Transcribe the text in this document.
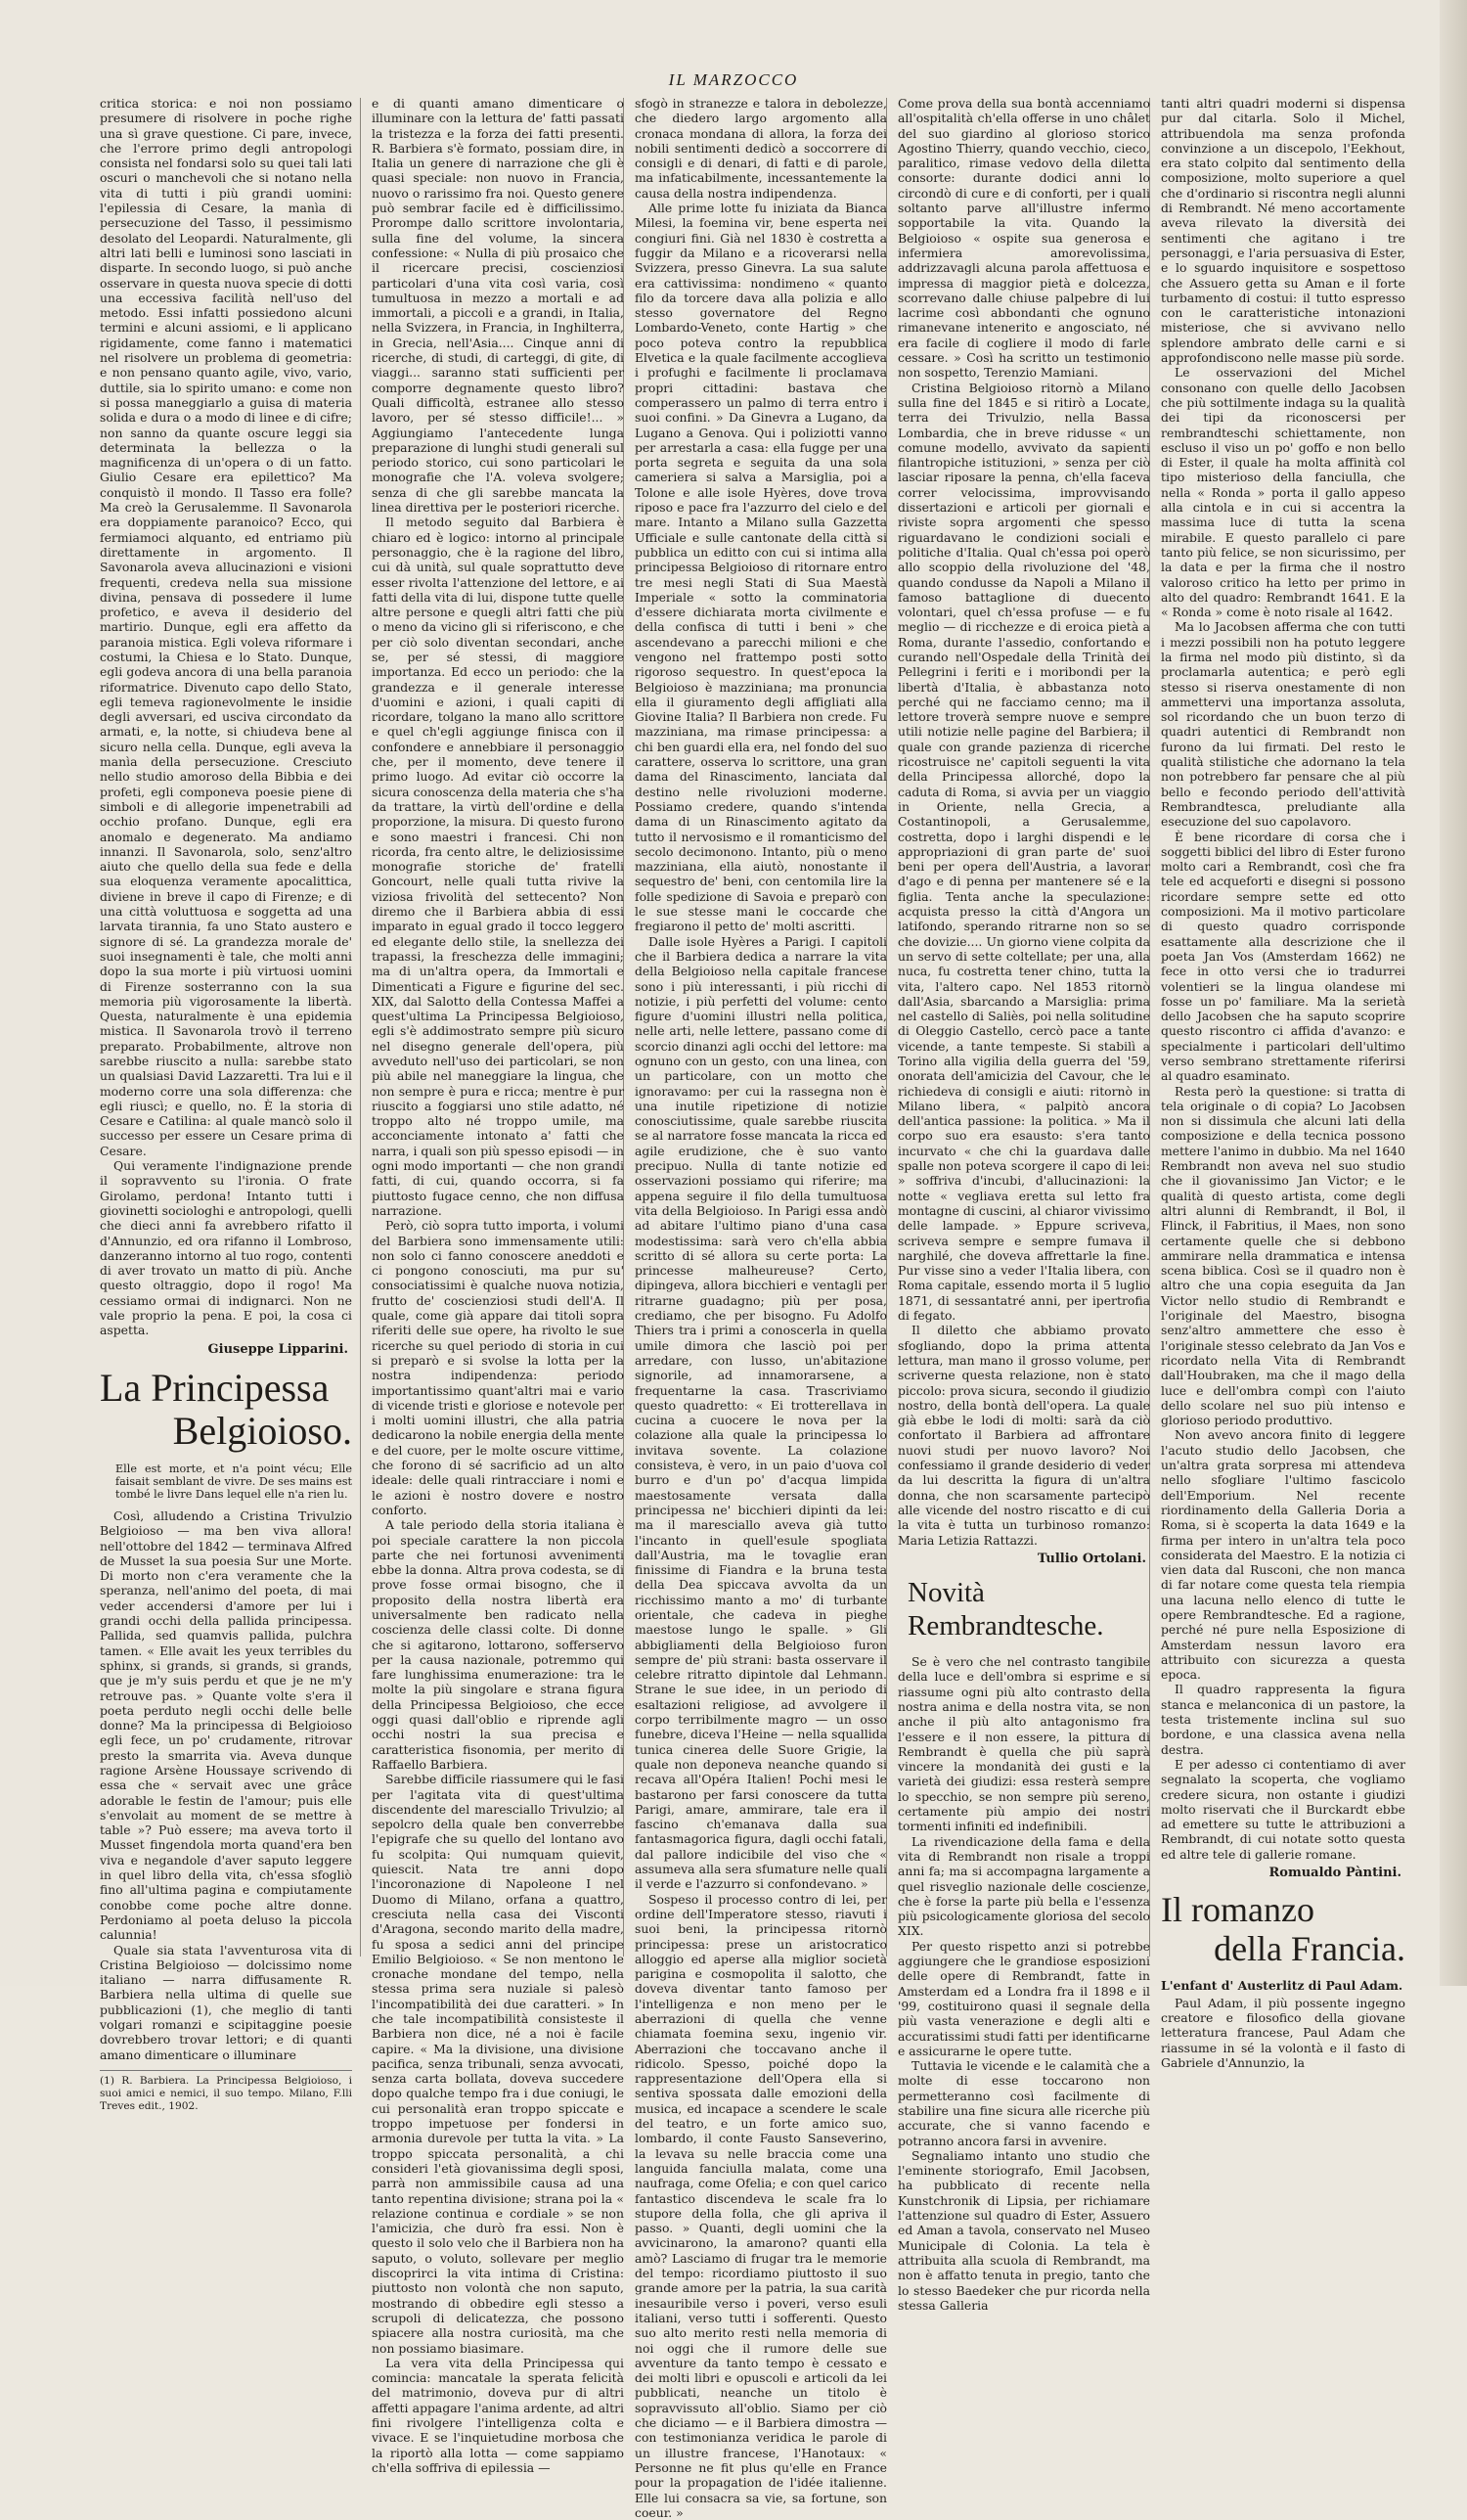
IL MARZOCCO

critica storica: e noi non possiamo presumere di risolvere in poche righe una sì grave questione. Ci pare, invece, che l'errore primo degli antropologi consista nel fondarsi solo su quei tali lati oscuri o manchevoli che si notano nella vita di tutti i più grandi uomini: l'epilessia di Cesare, la manìa di persecuzione del Tasso, il pessimismo desolato del Leopardi. Naturalmente, gli altri lati belli e luminosi sono lasciati in disparte. In secondo luogo, si può anche osservare in questa nuova specie di dotti una eccessiva facilità nell'uso del metodo. Essi infatti possiedono alcuni termini e alcuni assiomi, e li applicano rigidamente, come fanno i matematici nel risolvere un problema di geometria: e non pensano quanto agile, vivo, vario, duttile, sia lo spirito umano: e come non si possa maneggiarlo a guisa di materia solida e dura o a modo di linee e di cifre; non sanno da quante oscure leggi sia determinata la bellezza o la magnificenza di un'opera o di un fatto. Giulio Cesare era epilettico? Ma conquistò il mondo. Il Tasso era folle? Ma creò la Gerusalemme. Il Savonarola era doppiamente paranoico? Ecco, qui fermiamoci alquanto, ed entriamo più direttamente in argomento. Il Savonarola aveva allucinazioni e visioni frequenti, credeva nella sua missione divina, pensava di possedere il lume profetico, e aveva il desiderio del martirio. Dunque, egli era affetto da paranoia mistica. Egli voleva riformare i costumi, la Chiesa e lo Stato. Dunque, egli godeva ancora di una bella paranoia riformatrice. Divenuto capo dello Stato, egli temeva ragionevolmente le insidie degli avversari, ed usciva circondato da armati, e, la notte, si chiudeva bene al sicuro nella cella. Dunque, egli aveva la manìa della persecuzione. Cresciuto nello studio amoroso della Bibbia e dei profeti, egli componeva poesie piene di simboli e di allegorie impenetrabili ad occhio profano. Dunque, egli era anomalo e degenerato. Ma andiamo innanzi. Il Savonarola, solo, senz'altro aiuto che quello della sua fede e della sua eloquenza veramente apocalittica, diviene in breve il capo di Firenze; e di una città voluttuosa e soggetta ad una larvata tirannia, fa uno Stato austero e signore di sé. La grandezza morale de' suoi insegnamenti è tale, che molti anni dopo la sua morte i più virtuosi uomini di Firenze sosterranno con la sua memoria più vigorosamente la libertà. Questa, naturalmente è una epidemia mistica. Il Savonarola trovò il terreno preparato. Probabilmente, altrove non sarebbe riuscito a nulla: sarebbe stato un qualsiasi David Lazzaretti. Tra lui e il moderno corre una sola differenza: che egli riuscì; e quello, no. È la storia di Cesare e Catilina: al quale mancò solo il successo per essere un Cesare prima di Cesare.

Qui veramente l'indignazione prende il sopravvento su l'ironia. O frate Girolamo, perdona! Intanto tutti i giovinetti sociologhi e antropologi, quelli che dieci anni fa avrebbero rifatto il d'Annunzio, ed ora rifanno il Lombroso, danzeranno intorno al tuo rogo, contenti di aver trovato un matto di più. Anche questo oltraggio, dopo il rogo! Ma cessiamo ormai di indignarci. Non ne vale proprio la pena. E poi, la cosa ci aspetta.

Giuseppe Lipparini.
La Principessa
Belgioioso.
Elle est morte, et n'a point vécu; Elle faisait semblant de vivre. De ses mains est tombé le livre Dans lequel elle n'a rien lu.

Così, alludendo a Cristina Trivulzio Belgioioso — ma ben viva allora! nell'ottobre del 1842 — terminava Alfred de Musset la sua poesia Sur une Morte. Di morto non c'era veramente che la speranza, nell'animo del poeta, di mai veder accendersi d'amore per lui i grandi occhi della pallida principessa. Pallida, sed quamvis pallida, pulchra tamen. « Elle avait les yeux terribles du sphinx, si grands, si grands, si grands, que je m'y suis perdu et que je ne m'y retrouve pas. » Quante volte s'era il poeta perduto negli occhi delle belle donne? Ma la principessa di Belgioioso egli fece, un po' crudamente, ritrovar presto la smarrita via. Aveva dunque ragione Arsène Houssaye scrivendo di essa che « servait avec une grâce adorable le festin de l'amour; puis elle s'envolait au moment de se mettre à table »? Può essere; ma aveva torto il Musset fingendola morta quand'era ben viva e negandole d'aver saputo leggere in quel libro della vita, ch'essa sfogliò fino all'ultima pagina e compiutamente conobbe come poche altre donne. Perdoniamo al poeta deluso la piccola calunnia!

Quale sia stata l'avventurosa vita di Cristina Belgioioso — dolcissimo nome italiano — narra diffusamente R. Barbiera nella ultima di quelle sue pubblicazioni (1), che meglio di tanti volgari romanzi e scipitaggine poesie dovrebbero trovar lettori; e di quanti amano dimenticare o illuminare

(1) R. Barbiera. La Principessa Belgioioso, i suoi amici e nemici, il suo tempo. Milano, F.lli Treves edit., 1902.

e di quanti amano dimenticare o illuminare con la lettura de' fatti passati la tristezza e la forza dei fatti presenti. R. Barbiera s'è formato, possiam dire, in Italia un genere di narrazione che gli è quasi speciale: non nuovo in Francia, nuovo o rarissimo fra noi. Questo genere può sembrar facile ed è difficilissimo. Prorompe dallo scrittore involontaria, sulla fine del volume, la sincera confessione: « Nulla di più prosaico che il ricercare precisi, coscienziosi particolari d'una vita così varia, così tumultuosa in mezzo a mortali e ad immortali, a piccoli e a grandi, in Italia, nella Svizzera, in Francia, in Inghilterra, in Grecia, nell'Asia.... Cinque anni di ricerche, di studi, di carteggi, di gite, di viaggi... saranno stati sufficienti per comporre degnamente questo libro? Quali difficoltà, estranee allo stesso lavoro, per sé stesso difficile!... » Aggiungiamo l'antecedente lunga preparazione di lunghi studi generali sul periodo storico, cui sono particolari le monografie che l'A. voleva svolgere; senza di che gli sarebbe mancata la linea direttiva per le posteriori ricerche.

Il metodo seguito dal Barbiera è chiaro ed è logico: intorno al principale personaggio, che è la ragione del libro, cui dà unità, sul quale soprattutto deve esser rivolta l'attenzione del lettore, e ai fatti della vita di lui, dispone tutte quelle altre persone e quegli altri fatti che più o meno da vicino gli si riferiscono, e che per ciò solo diventan secondari, anche se, per sé stessi, di maggiore importanza. Ed ecco un periodo: che la grandezza e il generale interesse d'uomini e azioni, i quali capiti di ricordare, tolgano la mano allo scrittore e quel ch'egli aggiunge finisca con il confondere e annebbiare il personaggio che, per il momento, deve tenere il primo luogo. Ad evitar ciò occorre la sicura conoscenza della materia che s'ha da trattare, la virtù dell'ordine e della proporzione, la misura. Di questo furono e sono maestri i francesi. Chi non ricorda, fra cento altre, le deliziosissime monografie storiche de' fratelli Goncourt, nelle quali tutta rivive la viziosa frivolità del settecento? Non diremo che il Barbiera abbia di essi imparato in egual grado il tocco leggero ed elegante dello stile, la snellezza dei trapassi, la freschezza delle immagini; ma di un'altra opera, da Immortali e Dimenticati a Figure e figurine del sec. XIX, dal Salotto della Contessa Maffei a quest'ultima La Principessa Belgioioso, egli s'è addimostrato sempre più sicuro nel disegno generale dell'opera, più avveduto nell'uso dei particolari, se non più abile nel maneggiare la lingua, che non sempre è pura e ricca; mentre è pur riuscito a foggiarsi uno stile adatto, né troppo alto né troppo umile, ma acconciamente intonato a' fatti che narra, i quali son più spesso episodi — in ogni modo importanti — che non grandi fatti, di cui, quando occorra, si fa piuttosto fugace cenno, che non diffusa narrazione.

Però, ciò sopra tutto importa, i volumi del Barbiera sono immensamente utili: non solo ci fanno conoscere aneddoti e ci pongono conosciuti, ma pur su' consociatissimi è qualche nuova notizia, frutto de' coscienziosi studi dell'A. Il quale, come già appare dai titoli sopra riferiti delle sue opere, ha rivolto le sue ricerche su quel periodo di storia in cui si preparò e si svolse la lotta per la nostra indipendenza: periodo importantissimo quant'altri mai e vario di vicende tristi e gloriose e notevole per i molti uomini illustri, che alla patria dedicarono la nobile energia della mente e del cuore, per le molte oscure vittime, che forono di sé sacrificio ad un alto ideale: delle quali rintracciare i nomi e le azioni è nostro dovere e nostro conforto.

A tale periodo della storia italiana è poi speciale carattere la non piccola parte che nei fortunosi avvenimenti ebbe la donna. Altra prova codesta, se di prove fosse ormai bisogno, che il proposito della nostra libertà era universalmente ben radicato nella coscienza delle classi colte. Di donne che si agitarono, lottarono, sofferservo per la causa nazionale, potremmo qui fare lunghissima enumerazione: tra le molte la più singolare e strana figura della Principessa Belgioioso, che ecce oggi quasi dall'oblio e riprende agli occhi nostri la sua precisa e caratteristica fisonomia, per merito di Raffaello Barbiera.

Sarebbe difficile riassumere qui le fasi per l'agitata vita di quest'ultima discendente del maresciallo Trivulzio; al sepolcro della quale ben converrebbe l'epigrafe che su quello del lontano avo fu scolpita: Qui numquam quievit, quiescit. Nata tre anni dopo l'incoronazione di Napoleone I nel Duomo di Milano, orfana a quattro, cresciuta nella casa dei Visconti d'Aragona, secondo marito della madre, fu sposa a sedici anni del principe Emilio Belgioioso. « Se non mentono le cronache mondane del tempo, nella stessa prima sera nuziale si palesò l'incompatibilità dei due caratteri. » In che tale incompatibilità consisteste il Barbiera non dice, né a noi è facile capire. « Ma la divisione, una divisione pacifica, senza tribunali, senza avvocati, senza carta bollata, doveva succedere dopo qualche tempo fra i due coniugi, le cui personalità eran troppo spiccate e troppo impetuose per fondersi in armonia durevole per tutta la vita. » La troppo spiccata personalità, a chi consideri l'età giovanissima degli sposi, parrà non ammissibile causa ad una tanto repentina divisione; strana poi la « relazione continua e cordiale » se non l'amicizia, che durò fra essi. Non è questo il solo velo che il Barbiera non ha saputo, o voluto, sollevare per meglio discoprirci la vita intima di Cristina: piuttosto non volontà che non saputo, mostrando di obbedire egli stesso a scrupoli di delicatezza, che possono spiacere alla nostra curiosità, ma che non possiamo biasimare.

La vera vita della Principessa qui comincia: mancatale la sperata felicità del matrimonio, doveva pur di altri affetti appagare l'anima ardente, ad altri fini rivolgere l'intelligenza colta e vivace. E se l'inquietudine morbosa che la riportò alla lotta — come sappiamo ch'ella soffriva di epilessia —

sfogò in stranezze e talora in debolezze, che diedero largo argomento alla cronaca mondana di allora, la forza dei nobili sentimenti dedicò a soccorrere di consigli e di denari, di fatti e di parole, ma infaticabilmente, incessantemente la causa della nostra indipendenza.

Alle prime lotte fu iniziata da Bianca Milesi, la foemina vir, bene esperta nei congiuri fini. Già nel 1830 è costretta a fuggir da Milano e a ricoverarsi nella Svizzera, presso Ginevra. La sua salute era cattivissima: nondimeno « quanto filo da torcere dava alla polizia e allo stesso governatore del Regno Lombardo-Veneto, conte Hartig » che poco poteva contro la repubblica Elvetica e la quale facilmente accoglieva i profughi e facilmente li proclamava propri cittadini: bastava che comperassero un palmo di terra entro i suoi confini. » Da Ginevra a Lugano, da Lugano a Genova. Qui i poliziotti vanno per arrestarla a casa: ella fugge per una porta segreta e seguita da una sola cameriera si salva a Marsiglia, poi a Tolone e alle isole Hyères, dove trova riposo e pace fra l'azzurro del cielo e del mare. Intanto a Milano sulla Gazzetta Ufficiale e sulle cantonate della città si pubblica un editto con cui si intima alla principessa Belgioioso di ritornare entro tre mesi negli Stati di Sua Maestà Imperiale « sotto la comminatoria d'essere dichiarata morta civilmente e della confisca di tutti i beni » che ascendevano a parecchi milioni e che vengono nel frattempo posti sotto rigoroso sequestro. In quest'epoca la Belgioioso è mazziniana; ma pronuncia ella il giuramento degli affigliati alla Giovine Italia? Il Barbiera non crede. Fu mazziniana, ma rimase principessa: a chi ben guardi ella era, nel fondo del suo carattere, osserva lo scrittore, una gran dama del Rinascimento, lanciata dal destino nelle rivoluzioni moderne. Possiamo credere, quando s'intenda dama di un Rinascimento agitato da tutto il nervosismo e il romanticismo del secolo decimonono. Intanto, più o meno mazziniana, ella aiutò, nonostante il sequestro de' beni, con centomila lire la folle spedizione di Savoia e preparò con le sue stesse mani le coccarde che fregiarono il petto de' molti ascritti.

Dalle isole Hyères a Parigi. I capitoli che il Barbiera dedica a narrare la vita della Belgioioso nella capitale francese sono i più interessanti, i più ricchi di notizie, i più perfetti del volume: cento figure d'uomini illustri nella politica, nelle arti, nelle lettere, passano come di scorcio dinanzi agli occhi del lettore: ma ognuno con un gesto, con una linea, con un particolare, con un motto che ignoravamo: per cui la rassegna non è una inutile ripetizione di notizie conosciutissime, quale sarebbe riuscita se al narratore fosse mancata la ricca ed agile erudizione, che è suo vanto precipuo. Nulla di tante notizie ed osservazioni possiamo qui riferire; ma appena seguire il filo della tumultuosa vita della Belgioioso. In Parigi essa andò ad abitare l'ultimo piano d'una casa modestissima: sarà vero ch'ella abbia scritto di sé allora su certe porta: La princesse malheureuse? Certo, dipingeva, allora bicchieri e ventagli per ritrarne guadagno; più per posa, crediamo, che per bisogno. Fu Adolfo Thiers tra i primi a conoscerla in quella umile dimora che lasciò poi per arredare, con lusso, un'abitazione signorile, ad innamorarsene, a frequentarne la casa. Trascriviamo questo quadretto: « Ei trotterellava in cucina a cuocere le nova per la colazione alla quale la principessa lo invitava sovente. La colazione consisteva, è vero, in un paio d'uova col burro e d'un po' d'acqua limpida maestosamente versata dalla principessa ne' bicchieri dipinti da lei: ma il maresciallo aveva già tutto l'incanto in quell'esule spogliata dall'Austria, ma le tovaglie eran finissime di Fiandra e la bruna testa della Dea spiccava avvolta da un ricchissimo manto a mo' di turbante orientale, che cadeva in pieghe maestose lungo le spalle. » Gli abbigliamenti della Belgioioso furon sempre de' più strani: basta osservare il celebre ritratto dipintole dal Lehmann. Strane le sue idee, in un periodo di esaltazioni religiose, ad avvolgere il corpo terribilmente magro — un osso funebre, diceva l'Heine — nella squallida tunica cinerea delle Suore Grigie, la quale non deponeva neanche quando si recava all'Opéra Italien! Pochi mesi le bastarono per farsi conoscere da tutta Parigi, amare, ammirare, tale era il fascino ch'emanava dalla sua fantasmagorica figura, dagli occhi fatali, dal pallore indicibile del viso che « assumeva alla sera sfumature nelle quali il verde e l'azzurro si confondevano. »

Sospeso il processo contro di lei, per ordine dell'Imperatore stesso, riavuti i suoi beni, la principessa ritornò principessa: prese un aristocratico alloggio ed aperse alla miglior società parigina e cosmopolita il salotto, che doveva diventar tanto famoso per l'intelligenza e non meno per le aberrazioni di quella che venne chiamata foemina sexu, ingenio vir. Aberrazioni che toccavano anche il ridicolo. Spesso, poiché dopo la rappresentazione dell'Opera ella si sentiva spossata dalle emozioni della musica, ed incapace a scendere le scale del teatro, e un forte amico suo, lombardo, il conte Fausto Sanseverino, la levava su nelle braccia come una languida fanciulla malata, come una naufraga, come Ofelia; e con quel carico fantastico discendeva le scale fra lo stupore della folla, che gli apriva il passo. » Quanti, degli uomini che la avvicinarono, la amarono? quanti ella amò? Lasciamo di frugar tra le memorie del tempo: ricordiamo piuttosto il suo grande amore per la patria, la sua carità inesauribile verso i poveri, verso esuli italiani, verso tutti i sofferenti. Questo suo alto merito resti nella memoria di noi oggi che il rumore delle sue avventure da tanto tempo è cessato e dei molti libri e opuscoli e articoli da lei pubblicati, neanche un titolo è sopravvissuto all'oblio. Siamo per ciò che diciamo — e il Barbiera dimostra — con testimonianza veridica le parole di un illustre francese, l'Hanotaux: « Personne ne fit plus qu'elle en France pour la propagation de l'idée italienne. Elle lui consacra sa vie, sa fortune, son coeur. »

Come prova della sua bontà accenniamo all'ospitalità ch'ella offerse in uno châlet del suo giardino al glorioso storico Agostino Thierry, quando vecchio, cieco, paralitico, rimase vedovo della diletta consorte: durante dodici anni lo circondò di cure e di conforti, per i quali soltanto parve all'illustre infermo sopportabile la vita. Quando la Belgioioso « ospite sua generosa e infermiera amorevolissima, addrizzavagli alcuna parola affettuosa e impressa di maggior pietà e dolcezza, scorrevano dalle chiuse palpebre di lui lacrime così abbondanti che ognuno rimanevane intenerito e angosciato, né era facile di cogliere il modo di farle cessare. » Così ha scritto un testimonio non sospetto, Terenzio Mamiani.

Cristina Belgioioso ritornò a Milano sulla fine del 1845 e si ritirò a Locate, terra dei Trivulzio, nella Bassa Lombardia, che in breve ridusse « un comune modello, avvivato da sapienti filantropiche istituzioni, » senza per ciò lasciar riposare la penna, ch'ella faceva correr velocissima, improvvisando dissertazioni e articoli per giornali e riviste sopra argomenti che spesso riguardavano le condizioni sociali e politiche d'Italia. Qual ch'essa poi operò allo scoppio della rivoluzione del '48, quando condusse da Napoli a Milano il famoso battaglione di duecento volontari, quel ch'essa profuse — e fu meglio — di ricchezze e di eroica pietà a Roma, durante l'assedio, confortando e curando nell'Ospedale della Trinità dei Pellegrini i feriti e i moribondi per la libertà d'Italia, è abbastanza noto perché qui ne facciamo cenno; ma il lettore troverà sempre nuove e sempre utili notizie nelle pagine del Barbiera; il quale con grande pazienza di ricerche ricostruisce ne' capitoli seguenti la vita della Principessa allorché, dopo la caduta di Roma, si avvia per un viaggio in Oriente, nella Grecia, a Costantinopoli, a Gerusalemme, costretta, dopo i larghi dispendi e le appropriazioni di gran parte de' suoi beni per opera dell'Austria, a lavorar d'ago e di penna per mantenere sé e la figlia. Tenta anche la speculazione: acquista presso la città d'Angora un latifondo, sperando ritrarne non so se che dovizie.... Un giorno viene colpita da un servo di sette coltellate; per una, alla nuca, fu costretta tener chino, tutta la vita, l'altero capo. Nel 1853 ritornò dall'Asia, sbarcando a Marsiglia: prima nel castello di Saliès, poi nella solitudine di Oleggio Castello, cercò pace a tante vicende, a tante tempeste. Si stabilì a Torino alla vigilia della guerra del '59, onorata dell'amicizia del Cavour, che le richiedeva di consigli e aiuti: ritornò in Milano libera, « palpitò ancora dell'antica passione: la politica. » Ma il corpo suo era esausto: s'era tanto incurvato « che chi la guardava dalle spalle non poteva scorgere il capo di lei: » soffriva d'incubi, d'allucinazioni: la notte « vegliava eretta sul letto fra montagne di cuscini, al chiaror vivissimo delle lampade. » Eppure scriveva, scriveva sempre e sempre fumava il narghilé, che doveva affrettarle la fine. Pur visse sino a veder l'Italia libera, con Roma capitale, essendo morta il 5 luglio 1871, di sessantatré anni, per ipertrofia di fegato.

Il diletto che abbiamo provato sfogliando, dopo la prima attenta lettura, man mano il grosso volume, per scriverne questa relazione, non è stato piccolo: prova sicura, secondo il giudizio nostro, della bontà dell'opera. La quale già ebbe le lodi di molti: sarà da ciò confortato il Barbiera ad affrontare nuovi studi per nuovo lavoro? Noi confessiamo il grande desiderio di veder da lui descritta la figura di un'altra donna, che non scarsamente partecipò alle vicende del nostro riscatto e di cui la vita è tutta un turbinoso romanzo: Maria Letizia Rattazzi.

Tullio Ortolani.
Novità Rembrandtesche.

Se è vero che nel contrasto tangibile della luce e dell'ombra si esprime e si riassume ogni più alto contrasto della nostra anima e della nostra vita, se non anche il più alto antagonismo fra l'essere e il non essere, la pittura di Rembrandt è quella che più saprà vincere la mondanità dei gusti e la varietà dei giudizi: essa resterà sempre lo specchio, se non sempre più sereno, certamente più ampio dei nostri tormenti infiniti ed indefinibili.

La rivendicazione della fama e della vita di Rembrandt non risale a troppi anni fa; ma si accompagna largamente a quel risveglio nazionale delle coscienze, che è forse la parte più bella e l'essenza più psicologicamente gloriosa del secolo XIX.

Per questo rispetto anzi si potrebbe aggiungere che le grandiose esposizioni delle opere di Rembrandt, fatte in Amsterdam ed a Londra fra il 1898 e il '99, costituirono quasi il segnale della più vasta venerazione e degli alti e accuratissimi studi fatti per identificarne e assicurarne le opere tutte.

Tuttavia le vicende e le calamità che a molte di esse toccarono non permetteranno così facilmente di stabilire una fine sicura alle ricerche più accurate, che si vanno facendo e potranno ancora farsi in avvenire.

Segnaliamo intanto uno studio che l'eminente storiografo, Emil Jacobsen, ha pubblicato di recente nella Kunstchronik di Lipsia, per richiamare l'attenzione sul quadro di Ester, Assuero ed Aman a tavola, conservato nel Museo Municipale di Colonia. La tela è attribuita alla scuola di Rembrandt, ma non è affatto tenuta in pregio, tanto che lo stesso Baedeker che pur ricorda nella stessa Galleria

tanti altri quadri moderni si dispensa pur dal citarla. Solo il Michel, attribuendola ma senza profonda convinzione a un discepolo, l'Eekhout, era stato colpito dal sentimento della composizione, molto superiore a quel che d'ordinario si riscontra negli alunni di Rembrandt. Né meno accortamente aveva rilevato la diversità dei sentimenti che agitano i tre personaggi, e l'aria persuasiva di Ester, e lo sguardo inquisitore e sospettoso che Assuero getta su Aman e il forte turbamento di costui: il tutto espresso con le caratteristiche intonazioni misteriose, che si avvivano nello splendore ambrato delle carni e si approfondiscono nelle masse più sorde.

Le osservazioni del Michel consonano con quelle dello Jacobsen che più sottilmente indaga su la qualità dei tipi da riconoscersi per rembrandteschi schiettamente, non escluso il viso un po' goffo e non bello di Ester, il quale ha molta affinità col tipo misterioso della fanciulla, che nella « Ronda » porta il gallo appeso alla cintola e in cui si accentra la massima luce di tutta la scena mirabile. E questo parallelo ci pare tanto più felice, se non sicurissimo, per la data e per la firma che il nostro valoroso critico ha letto per primo in alto del quadro: Rembrandt 1641. E la « Ronda » come è noto risale al 1642.

Ma lo Jacobsen afferma che con tutti i mezzi possibili non ha potuto leggere la firma nel modo più distinto, sì da proclamarla autentica; e però egli stesso si riserva onestamente di non ammettervi una importanza assoluta, sol ricordando che un buon terzo di quadri autentici di Rembrandt non furono da lui firmati. Del resto le qualità stilistiche che adornano la tela non potrebbero far pensare che al più bello e fecondo periodo dell'attività Rembrandtesca, preludiante alla esecuzione del suo capolavoro.

È bene ricordare di corsa che i soggetti biblici del libro di Ester furono molto cari a Rembrandt, così che fra tele ed acqueforti e disegni si possono ricordare sempre sette ed otto composizioni. Ma il motivo particolare di questo quadro corrisponde esattamente alla descrizione che il poeta Jan Vos (Amsterdam 1662) ne fece in otto versi che io tradurrei volentieri se la lingua olandese mi fosse un po' familiare. Ma la serietà dello Jacobsen che ha saputo scoprire questo riscontro ci affida d'avanzo: e specialmente i particolari dell'ultimo verso sembrano strettamente riferirsi al quadro esaminato.

Resta però la questione: si tratta di tela originale o di copia? Lo Jacobsen non si dissimula che alcuni lati della composizione e della tecnica possono mettere l'animo in dubbio. Ma nel 1640 Rembrandt non aveva nel suo studio che il giovanissimo Jan Victor; e le qualità di questo artista, come degli altri alunni di Rembrandt, il Bol, il Flinck, il Fabritius, il Maes, non sono certamente quelle che si debbono ammirare nella drammatica e intensa scena biblica. Così se il quadro non è altro che una copia eseguita da Jan Victor nello studio di Rembrandt e l'originale del Maestro, bisogna senz'altro ammettere che esso è l'originale stesso celebrato da Jan Vos e ricordato nella Vita di Rembrandt dall'Houbraken, ma che il mago della luce e dell'ombra compì con l'aiuto dello scolare nel suo più intenso e glorioso periodo produttivo.

Non avevo ancora finito di leggere l'acuto studio dello Jacobsen, che un'altra grata sorpresa mi attendeva nello sfogliare l'ultimo fascicolo dell'Emporium. Nel recente riordinamento della Galleria Doria a Roma, si è scoperta la data 1649 e la firma per intero in un'altra tela poco considerata del Maestro. E la notizia ci vien data dal Rusconi, che non manca di far notare come questa tela riempia una lacuna nello elenco di tutte le opere Rembrandtesche. Ed a ragione, perché né pure nella Esposizione di Amsterdam nessun lavoro era attribuito con sicurezza a questa epoca.

Il quadro rappresenta la figura stanca e melanconica di un pastore, la testa tristemente inclina sul suo bordone, e una classica avena nella destra.

E per adesso ci contentiamo di aver segnalato la scoperta, che vogliamo credere sicura, non ostante i giudizi molto riservati che il Burckardt ebbe ad emettere su tutte le attribuzioni a Rembrandt, di cui notate sotto questa ed altre tele di gallerie romane.

Romualdo Pàntini.
Il romanzo
della Francia.
L'enfant d' Austerlitz di Paul Adam.

Paul Adam, il più possente ingegno creatore e filosofico della giovane letteratura francese, Paul Adam che riassume in sé la volontà e il fasto di Gabriele d'Annunzio, la
